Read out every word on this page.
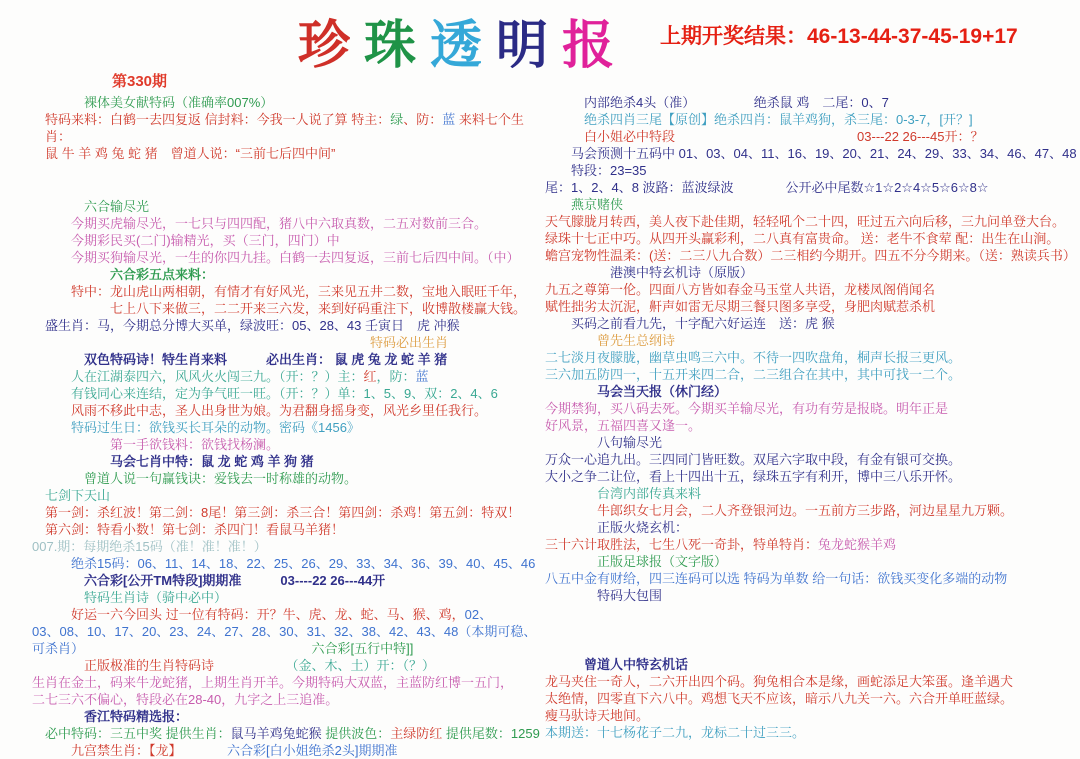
珍 珠 透 明 报	上期开奖结果：46-13-44-37-45-19+17
第330期
裸体美女献特码（准确率007%）
特码来料：白鹤一去四复返 信封料：今我一人说了算 特主：绿、防：蓝 来料七个生肖：
鼠 牛 羊 鸡 兔 蛇 猪　曾道人说：“三前七后四中间”
六合输尽光
今期买虎输尽光，一七只与四四配，猪八中六取真数，二五对数前三合。
今期彩民买(二门)输精光，买（三门，四门）中
今期买狗输尽光，一生的你四九挂。白鹤一去四复返，三前七后四中间。（中）
六合彩五点来料：
特中：龙山虎山两相朝，有情才有好风光，三来见五井二数，宝地入眠旺千年，
七上八下来做三，二二开来三六发，来到好码重注下，收博散楼赢大钱。
盛生肖：马，今期总分博大买单，绿波旺：05、28、43 壬寅日　虎 冲猴
特码必出生肖
双色特码诗！特生肖来料　　　必出生肖： 鼠 虎 兔 龙 蛇 羊 猪
人在江湖泰四六，风风火火闯三九。（开：？）主：红，防：蓝
有钱同心来连结，定为争气旺一旺。（开：？）单：1、5、9、双：2、4、6
风雨不移此中志，圣人出身世为娘。为君翻身摇身变，风光乡里任我行。
特码过生日：欲钱买长耳朵的动物。密码《1456》
第一手欲钱料：欲钱找杨澜。
马会七肖中特：鼠 龙 蛇 鸡 羊 狗 猪
曾道人说一句赢钱诀：爱钱去一时称雄的动物。
七剑下天山
第一剑：杀红波！第二剑：8尾！第三剑：杀三合！第四剑：杀鸡！第五剑：特双！
第六剑：特看小数！第七剑：杀四门！看鼠马羊猪！
007.期：每期绝杀15码（准！准！准！）
绝杀15码：06、11、14、18、22、25、26、29、33、34、36、39、40、45、46
六合彩[公开TM特段]期期准　　　03----22 26---44开
特码生肖诗（骑中必中）
好运一六今回头 过一位有特码：开？牛、虎、龙、蛇、马、猴、鸡，02、
03、08、10、17、20、23、24、27、28、30、31、32、38、42、43、48（本期可稳、
可杀肖）　　　　　　　　　　　　　　　　　　	六合彩[五行中特]]
正版极准的生肖特码诗　　　　　　	（金、木、土）开：（？）
生肖在金土，码来牛龙蛇猪，上期生肖开羊。今期特码大双蓝，主蓝防红博一五门，
二七三六不偏心，特段必在28-40，九字之上三追准。
香江特码精选报：
必中特码：三五中奖 提供生肖：鼠马羊鸡兔蛇猴 提供波色：主绿防红 提供尾数：1259
九宫禁生肖：【龙】　　　　	六合彩[白小姐绝杀2头]期期准
内部绝杀4头（准）　　　　　绝杀鼠 鸡　二尾：0、7
绝杀四肖三尾【原创】绝杀四肖：鼠羊鸡狗，杀三尾：0-3-7，[开？]
白小姐必中特段　　　　　　　　　　　　　　	03---22 26---45开：？
马会预测十五码中 01、03、04、11、16、19、20、21、24、29、33、34、46、47、48 特段：23=35
尾：1、2、4、8 波路：蓝波绿波　　　　公开必中尾数☆1☆2☆4☆5☆6☆8☆
燕京赌侠
天气朦胧月转西，美人夜下赴佳期，轻轻吼个二十四，旺过五六向后移，三九问单登大台。
绿珠十七正中巧。从四开头赢彩利，二八真有富贵命。 送：老牛不食荤 配：出生在山涧。
蟾宫宠物性温柔：(送：二三八九合数）二三相约今期开。四五不分今期来。（送：熟读兵书）
港澳中特玄机诗（原版）
九五之尊第一伦。四面八方皆如春金马玉堂人共语，龙楼凤阁俏闻名
赋性拙劣太沉泥，鼾声如雷无尽期三餐只图多享受，身肥肉赋惹杀机
买码之前看九先，十字配六好运连　送：虎 猴
曾先生总纲诗
二七淡月夜朦胧，幽草虫鸣三六中。不待一四吹盘角，桐声长报三更风。
三六加五防四一，十五开来四二合，二三组合在其中，其中可找一二个。
马会当天报（休门经）
今期禁狗，买八码去死。今期买羊输尽光，有功有劳是报晓。明年正是
好风景，五福四喜又逢一。
八句输尽光
万众一心追九出。三四同门皆旺数。双尾六字取中段，有金有银可交换。
大小之争二让位，看上十四出十五，绿珠五字有利开，博中三八乐开怀。
台湾内部传真来料
牛郎织女七月会，二人齐登银河边。一五前方三步路，河边星星九万颗。
正版火烧玄机：
三十六计取胜法，七生八死一奇卦，特单特肖：兔龙蛇猴羊鸡
正版足球报（文字版）
八五中金有财给，四三连码可以选 特码为单数 给一句话：欲钱买变化多端的动物
特码大包围
曾道人中特玄机话
龙马夹住一奇人，二六开出四个码。狗兔相合本是缘，画蛇添足大笨蛋。逢羊遇犬
太绝情，四零直下六八中。鸡想飞天不应该，暗示八九关一六。六合开单旺蓝绿。
瘦马驮诗天地间。
本期送：十七杨花子二九，龙标二十过三三。
